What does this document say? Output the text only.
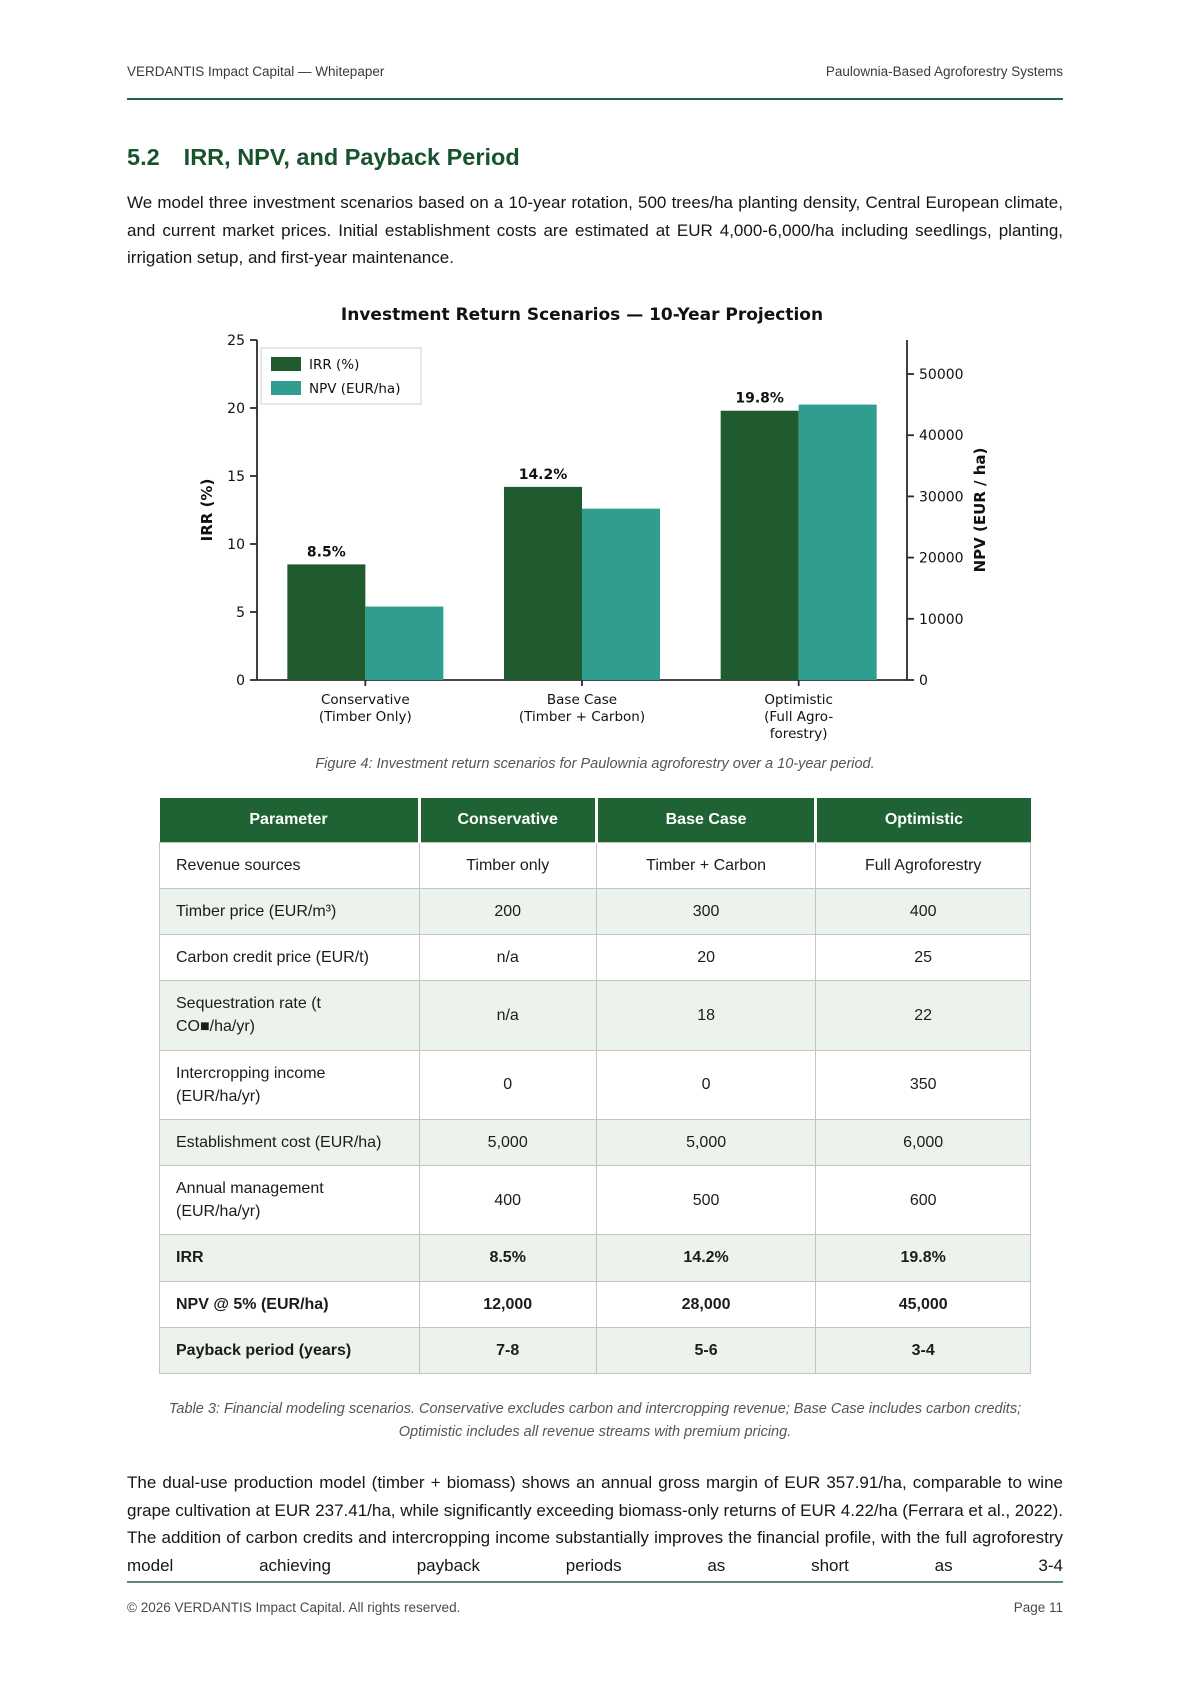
VERDANTIS Impact Capital — Whitepaper	Paulownia-Based Agroforestry Systems
5.2 IRR, NPV, and Payback Period

We model three investment scenarios based on a 10-year rotation, 500 trees/ha planting density, Central European climate, and current market prices. Initial establishment costs are estimated at EUR 4,000-6,000/ha including seedlings, planting, irrigation setup, and first-year maintenance.

Investment Return Scenarios — 10-Year Projection
0
5
10
15
20
25
0
10000
20000
30000
40000
50000
IRR (%)	NPV (EUR / ha)
8.5%
Conservative
(Timber Only)
14.2%
Base Case
(Timber + Carbon)
19.8%
Optimistic
(Full Agro-
forestry)
IRR (%)
NPV (EUR/ha)
Figure 4: Investment return scenarios for Paulownia agroforestry over a 10-year period.
Parameter	Conservative	Base Case	Optimistic
Revenue sources	Timber only	Timber + Carbon	Full Agroforestry
Timber price (EUR/m³)	200	300	400
Carbon credit price (EUR/t)	n/a	20	25
Sequestration rate (t CO■/ha/yr)	n/a	18	22
Intercropping income (EUR/ha/yr)	0	0	350
Establishment cost (EUR/ha)	5,000	5,000	6,000
Annual management (EUR/ha/yr)	400	500	600
IRR	8.5%	14.2%	19.8%
NPV @ 5% (EUR/ha)	12,000	28,000	45,000
Payback period (years)	7-8	5-6	3-4
Table 3: Financial modeling scenarios. Conservative excludes carbon and intercropping revenue; Base Case includes carbon credits; Optimistic includes all revenue streams with premium pricing.

The dual-use production model (timber + biomass) shows an annual gross margin of EUR 357.91/ha, comparable to wine grape cultivation at EUR 237.41/ha, while significantly exceeding biomass-only returns of EUR 4.22/ha (Ferrara et al., 2022). The addition of carbon credits and intercropping income substantially improves the financial profile, with the full agroforestry model achieving payback periods as short as 3-4

© 2026 VERDANTIS Impact Capital. All rights reserved.	Page 11
